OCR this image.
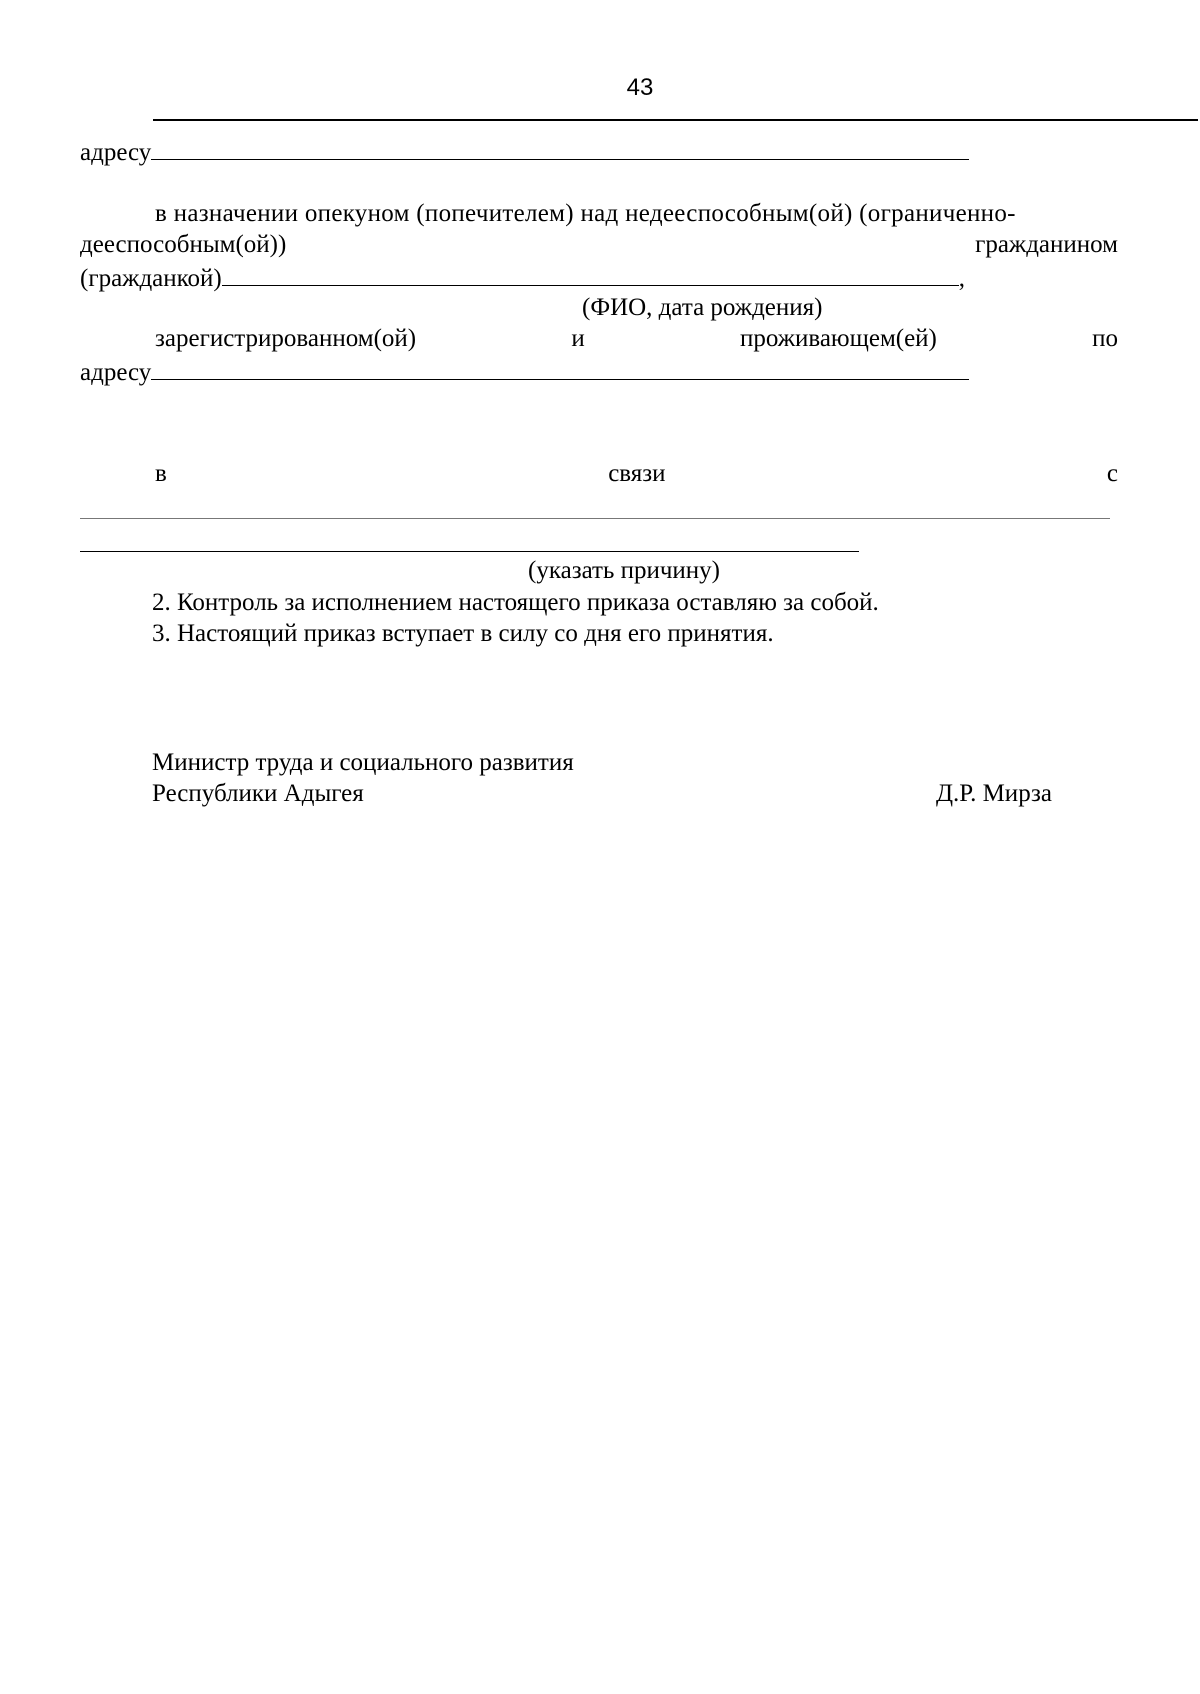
43
адресу
в назначении опекуном (попечителем) над недееспособным(ой) (ограниченно-
дееспособным(ой))	гражданином
(гражданкой)	,
(ФИО, дата рождения)
зарегистрированном(ой)	и	проживающем(ей)	по
адресу
в	связи	с
(указать причину)
2. Контроль за исполнением настоящего приказа оставляю за собой.
3. Настоящий приказ вступает в силу со дня его принятия.
Министр труда и социального развития
Республики Адыгея	Д.Р. Мирза
